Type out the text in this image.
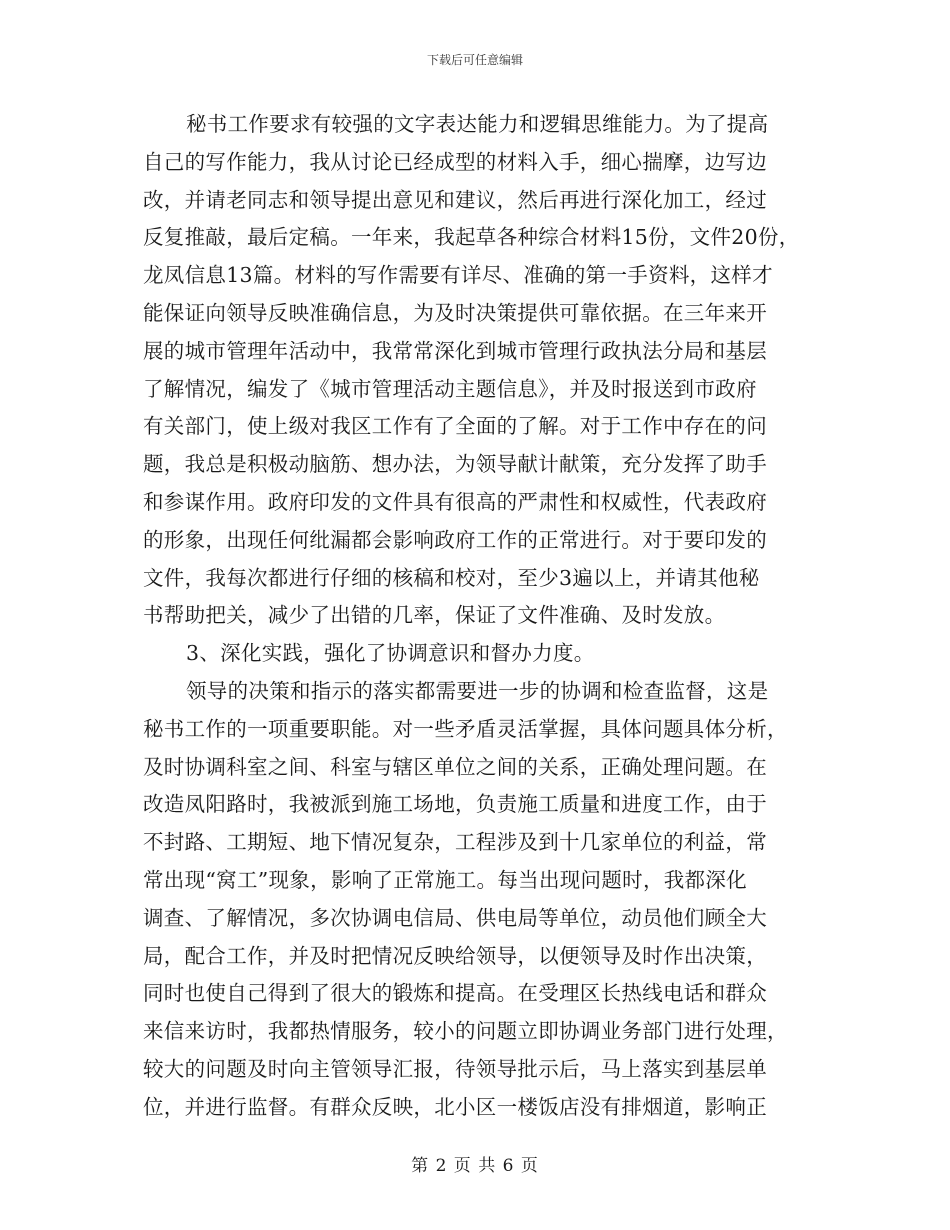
下载后可任意编辑
秘书工作要求有较强的文字表达能力和逻辑思维能力。为了提高
自己的写作能力，我从讨论已经成型的材料入手，细心揣摩，边写边
改，并请老同志和领导提出意见和建议，然后再进行深化加工，经过
反复推敲，最后定稿。一年来，我起草各种综合材料15份，文件20份，
龙凤信息13篇。材料的写作需要有详尽、准确的第一手资料，这样才
能保证向领导反映准确信息，为及时决策提供可靠依据。在三年来开
展的城市管理年活动中，我常常深化到城市管理行政执法分局和基层
了解情况，编发了《城市管理活动主题信息》，并及时报送到市政府
有关部门，使上级对我区工作有了全面的了解。对于工作中存在的问
题，我总是积极动脑筋、想办法，为领导献计献策，充分发挥了助手
和参谋作用。政府印发的文件具有很高的严肃性和权威性，代表政府
的形象，出现任何纰漏都会影响政府工作的正常进行。对于要印发的
文件，我每次都进行仔细的核稿和校对，至少3遍以上，并请其他秘
书帮助把关，减少了出错的几率，保证了文件准确、及时发放。
3、深化实践，强化了协调意识和督办力度。
领导的决策和指示的落实都需要进一步的协调和检查监督，这是
秘书工作的一项重要职能。对一些矛盾灵活掌握，具体问题具体分析，
及时协调科室之间、科室与辖区单位之间的关系，正确处理问题。在
改造凤阳路时，我被派到施工场地，负责施工质量和进度工作，由于
不封路、工期短、地下情况复杂，工程涉及到十几家单位的利益，常
常出现“窝工”现象，影响了正常施工。每当出现问题时，我都深化
调查、了解情况，多次协调电信局、供电局等单位，动员他们顾全大
局，配合工作，并及时把情况反映给领导，以便领导及时作出决策，
同时也使自己得到了很大的锻炼和提高。在受理区长热线电话和群众
来信来访时，我都热情服务，较小的问题立即协调业务部门进行处理，
较大的问题及时向主管领导汇报，待领导批示后，马上落实到基层单
位，并进行监督。有群众反映，北小区一楼饭店没有排烟道，影响正
第 2 页 共 6 页
